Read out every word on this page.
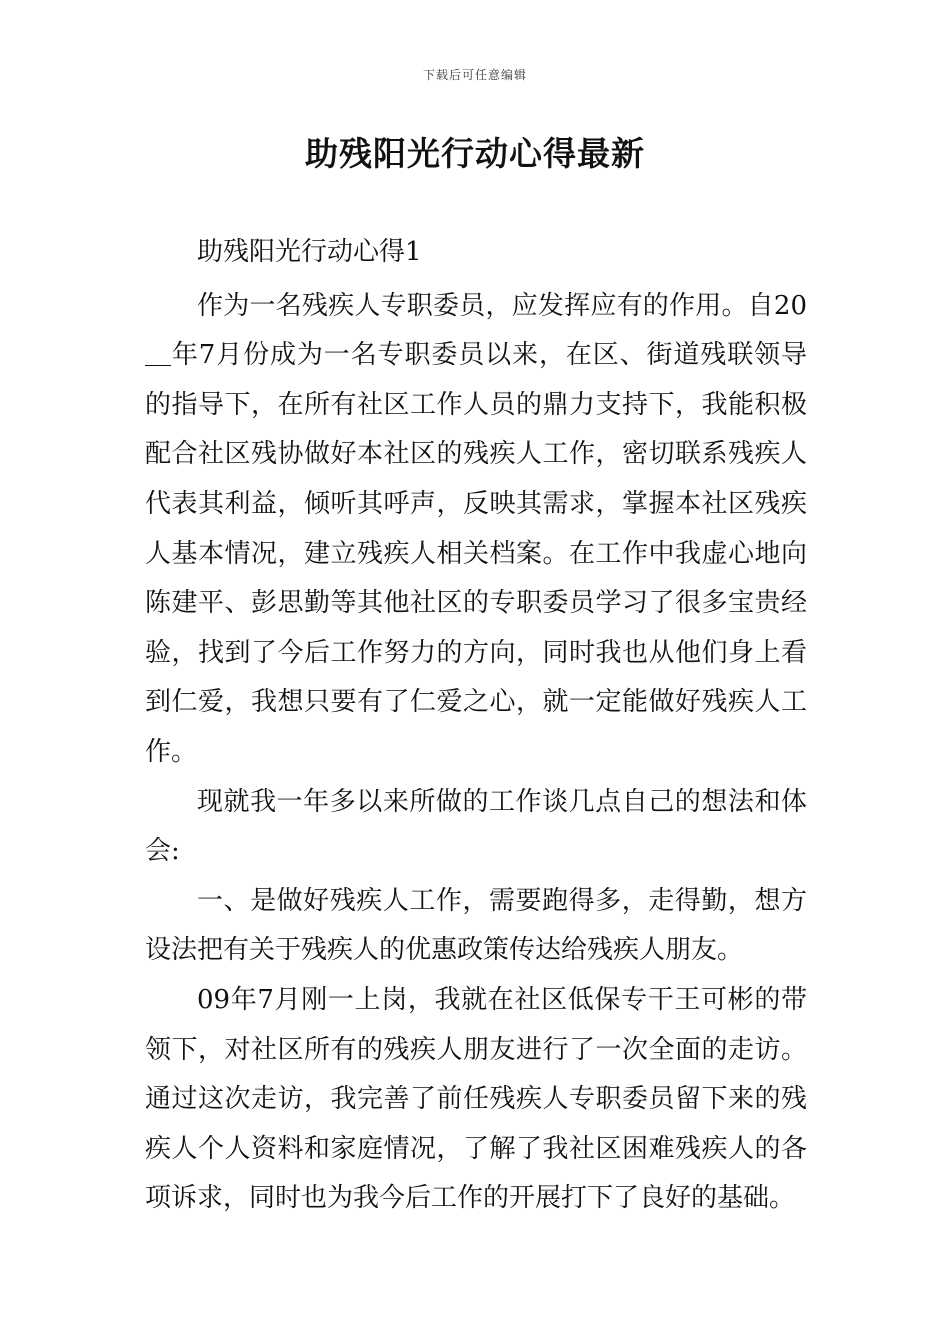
下载后可任意编辑
助残阳光行动心得最新

助残阳光行动心得1

作为一名残疾人专职委员，应发挥应有的作用。自20＿年7月份成为一名专职委员以来，在区、街道残联领导的指导下，在所有社区工作人员的鼎力支持下，我能积极配合社区残协做好本社区的残疾人工作，密切联系残疾人代表其利益，倾听其呼声，反映其需求，掌握本社区残疾人基本情况，建立残疾人相关档案。在工作中我虚心地向陈建平、彭思勤等其他社区的专职委员学习了很多宝贵经验，找到了今后工作努力的方向，同时我也从他们身上看到仁爱，我想只要有了仁爱之心，就一定能做好残疾人工作。

现就我一年多以来所做的工作谈几点自己的想法和体会:

一、是做好残疾人工作，需要跑得多，走得勤，想方设法把有关于残疾人的优惠政策传达给残疾人朋友。

09年7月刚一上岗，我就在社区低保专干王可彬的带领下，对社区所有的残疾人朋友进行了一次全面的走访。通过这次走访，我完善了前任残疾人专职委员留下来的残疾人个人资料和家庭情况，了解了我社区困难残疾人的各项诉求，同时也为我今后工作的开展打下了良好的基础。
